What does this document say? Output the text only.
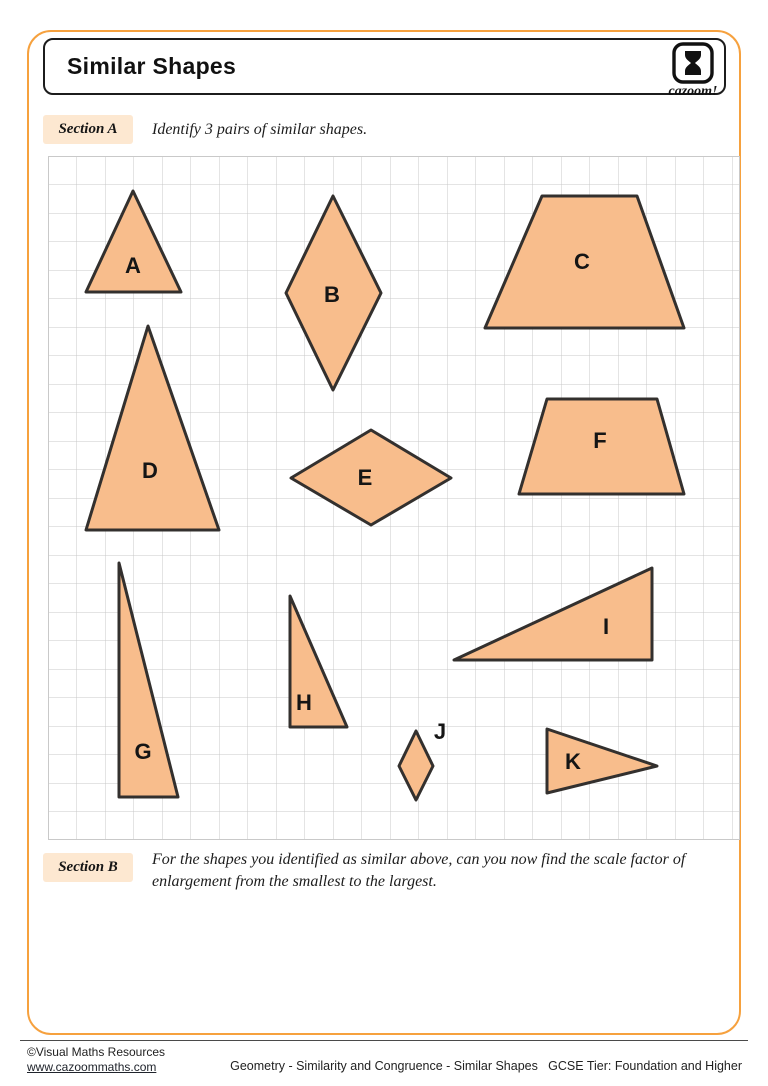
Similar Shapes
cazoom!
Section A	Identify 3 pairs of similar shapes.
A
B
C
D	E
F
G
H
I
J
K
Section B	For the shapes you identified as similar above, can you now find the scale factor of enlargement from the smallest to the largest.
©Visual Maths Resources
www.cazoommaths.com	Geometry - Similarity and Congruence - Similar Shapes GCSE Tier: Foundation and Higher
